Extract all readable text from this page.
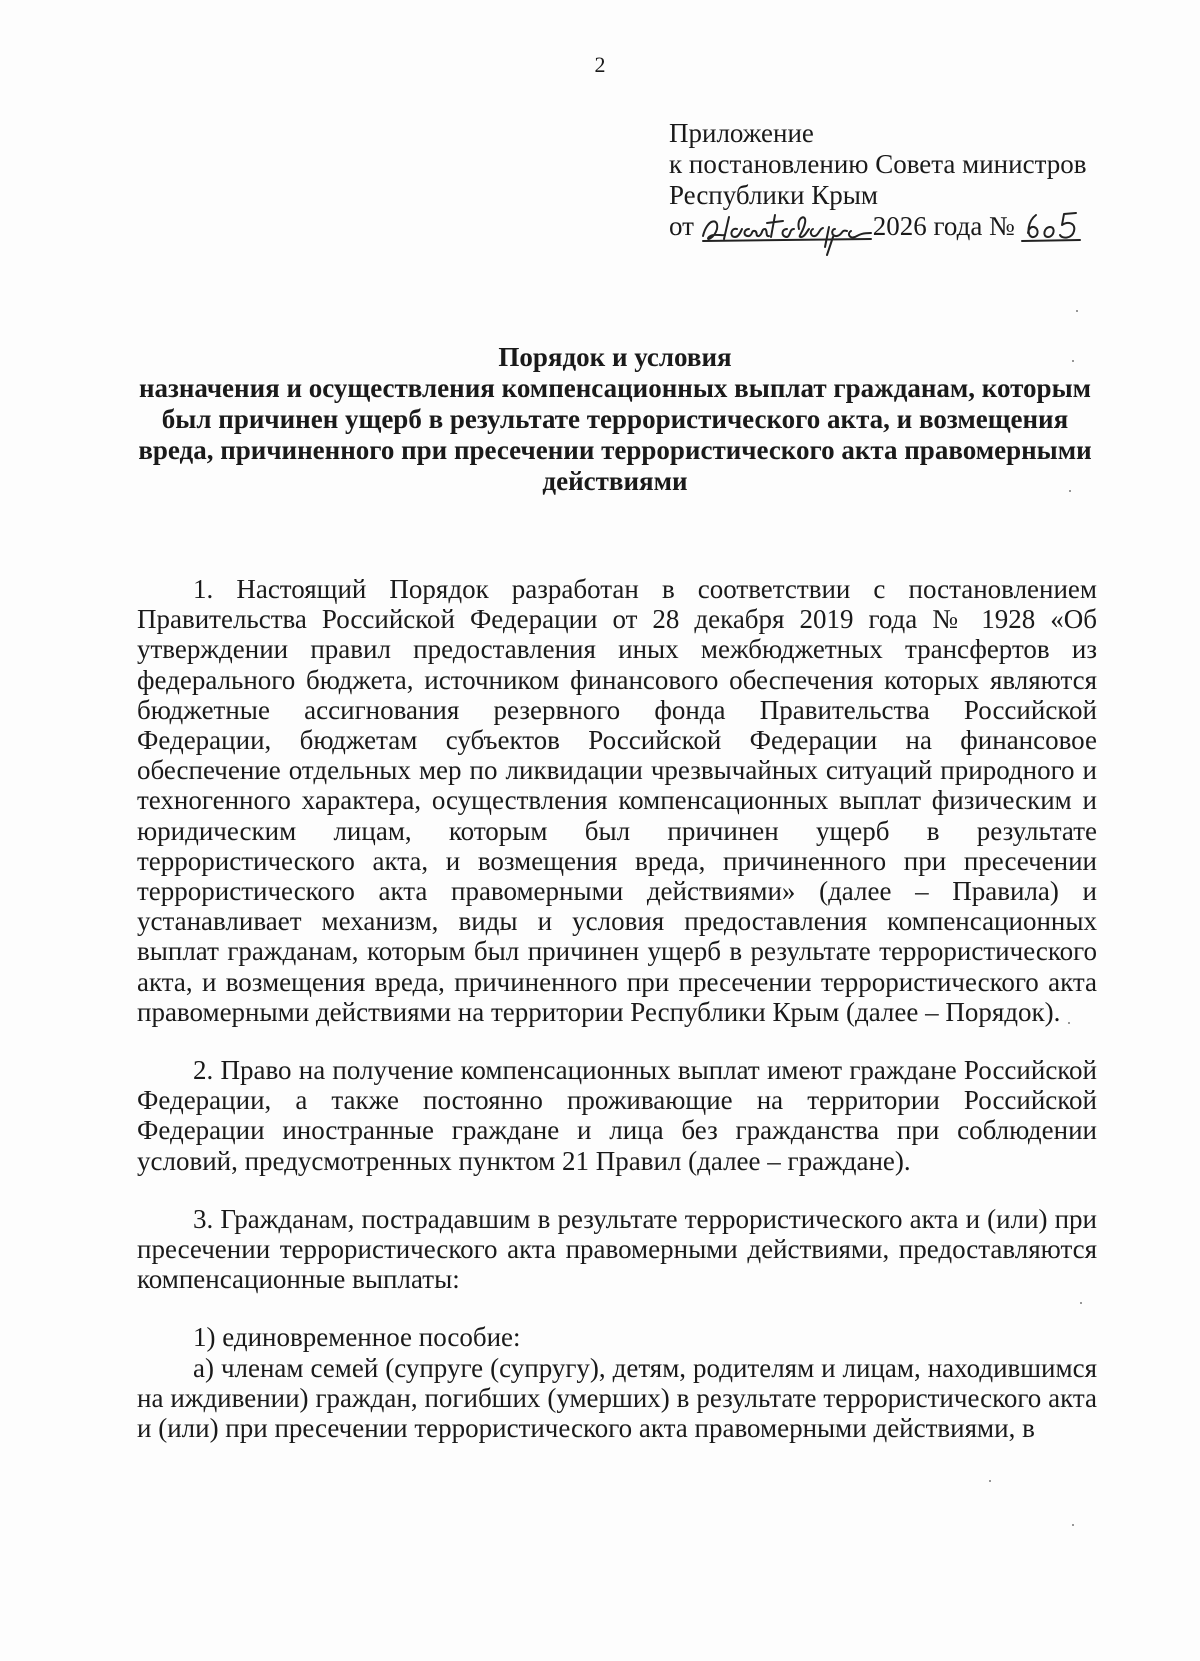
2
Приложение
к постановлению Совета министров
Республики Крым
от	2026 года №
Порядок и условия
назначения и осуществления компенсационных выплат гражданам, которым
был причинен ущерб в результате террористического акта, и возмещения
вреда, причиненного при пресечении террористического акта правомерными
действиями

1. Настоящий Порядок разработан в соответствии с постановлением Правительства Российской Федерации от 28 декабря 2019 года № 1928 «Об утверждении правил предоставления иных межбюджетных трансфертов из федерального бюджета, источником финансового обеспечения которых являются бюджетные ассигнования резервного фонда Правительства Российской Федерации, бюджетам субъектов Российской Федерации на финансовое обеспечение отдельных мер по ликвидации чрезвычайных ситуаций природного и техногенного характера, осуществления компенсационных выплат физическим и юридическим лицам, которым был причинен ущерб в результате террористического акта, и возмещения вреда, причиненного при пресечении террористического акта правомерными действиями» (далее – Правила) и устанавливает механизм, виды и условия предоставления компенсационных выплат гражданам, которым был причинен ущерб в результате террористического акта, и возмещения вреда, причиненного при пресечении террористического акта правомерными действиями на территории Республики Крым (далее – Порядок).

2. Право на получение компенсационных выплат имеют граждане Российской Федерации, а также постоянно проживающие на территории Российской Федерации иностранные граждане и лица без гражданства при соблюдении условий, предусмотренных пунктом 21 Правил (далее – граждане).

3. Гражданам, пострадавшим в результате террористического акта и (или) при пресечении террористического акта правомерными действиями, предоставляются компенсационные выплаты:

1) единовременное пособие:

а) членам семей (супруге (супругу), детям, родителям и лицам, находившимся на иждивении) граждан, погибших (умерших) в результате террористического акта и (или) при пресечении террористического акта правомерными действиями, в
